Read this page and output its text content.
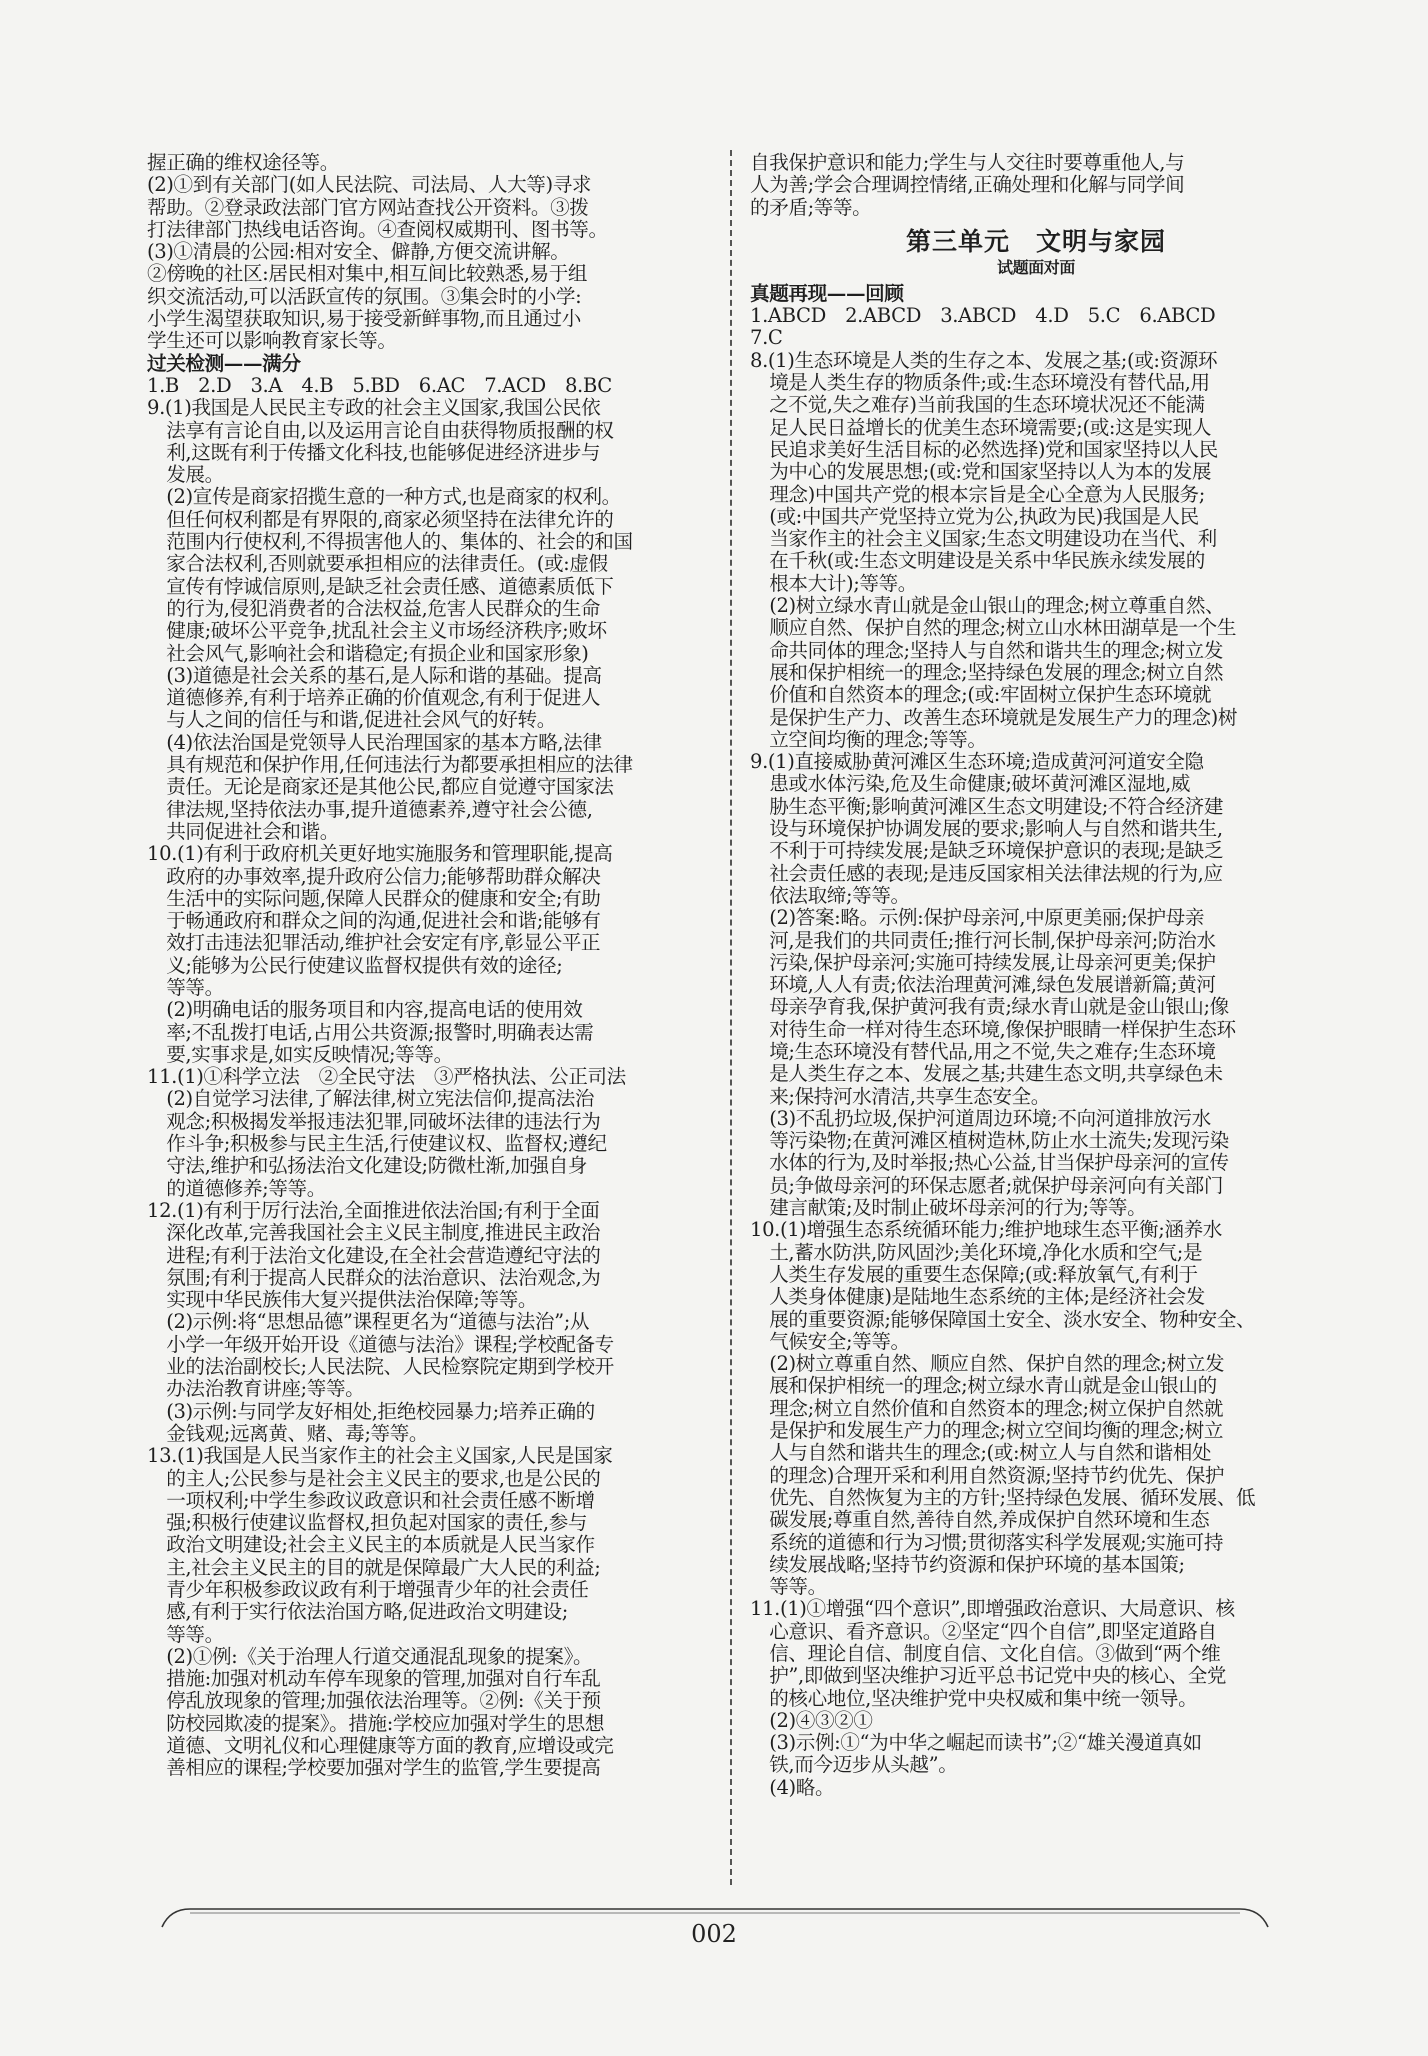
握正确的维权途径等。
(2)①到有关部门(如人民法院、司法局、人大等)寻求
帮助。②登录政法部门官方网站查找公开资料。③拨
打法律部门热线电话咨询。④查阅权威期刊、图书等。
(3)①清晨的公园:相对安全、僻静,方便交流讲解。
②傍晚的社区:居民相对集中,相互间比较熟悉,易于组
织交流活动,可以活跃宣传的氛围。③集会时的小学:
小学生渴望获取知识,易于接受新鲜事物,而且通过小
学生还可以影响教育家长等。
过关检测——满分
1.B　2.D　3.A　4.B　5.BD　6.AC　7.ACD　8.BC
9.(1)我国是人民民主专政的社会主义国家,我国公民依
　法享有言论自由,以及运用言论自由获得物质报酬的权
　利,这既有利于传播文化科技,也能够促进经济进步与
　发展。
　(2)宣传是商家招揽生意的一种方式,也是商家的权利。
　但任何权利都是有界限的,商家必须坚持在法律允许的
　范围内行使权利,不得损害他人的、集体的、社会的和国
　家合法权利,否则就要承担相应的法律责任。(或:虚假
　宣传有悖诚信原则,是缺乏社会责任感、道德素质低下
　的行为,侵犯消费者的合法权益,危害人民群众的生命
　健康;破坏公平竞争,扰乱社会主义市场经济秩序;败坏
　社会风气,影响社会和谐稳定;有损企业和国家形象)
　(3)道德是社会关系的基石,是人际和谐的基础。提高
　道德修养,有利于培养正确的价值观念,有利于促进人
　与人之间的信任与和谐,促进社会风气的好转。
　(4)依法治国是党领导人民治理国家的基本方略,法律
　具有规范和保护作用,任何违法行为都要承担相应的法律
　责任。无论是商家还是其他公民,都应自觉遵守国家法
　律法规,坚持依法办事,提升道德素养,遵守社会公德,
　共同促进社会和谐。
10.(1)有利于政府机关更好地实施服务和管理职能,提高
　政府的办事效率,提升政府公信力;能够帮助群众解决
　生活中的实际问题,保障人民群众的健康和安全;有助
　于畅通政府和群众之间的沟通,促进社会和谐;能够有
　效打击违法犯罪活动,维护社会安定有序,彰显公平正
　义;能够为公民行使建议监督权提供有效的途径;
　等等。
　(2)明确电话的服务项目和内容,提高电话的使用效
　率;不乱拨打电话,占用公共资源;报警时,明确表达需
　要,实事求是,如实反映情况;等等。
11.(1)①科学立法　②全民守法　③严格执法、公正司法
　(2)自觉学习法律,了解法律,树立宪法信仰,提高法治
　观念;积极揭发举报违法犯罪,同破坏法律的违法行为
　作斗争;积极参与民主生活,行使建议权、监督权;遵纪
　守法,维护和弘扬法治文化建设;防微杜渐,加强自身
　的道德修养;等等。
12.(1)有利于厉行法治,全面推进依法治国;有利于全面
　深化改革,完善我国社会主义民主制度,推进民主政治
　进程;有利于法治文化建设,在全社会营造遵纪守法的
　氛围;有利于提高人民群众的法治意识、法治观念,为
　实现中华民族伟大复兴提供法治保障;等等。
　(2)示例:将“思想品德”课程更名为“道德与法治”;从
　小学一年级开始开设《道德与法治》课程;学校配备专
　业的法治副校长;人民法院、人民检察院定期到学校开
　办法治教育讲座;等等。
　(3)示例:与同学友好相处,拒绝校园暴力;培养正确的
　金钱观;远离黄、赌、毒;等等。
13.(1)我国是人民当家作主的社会主义国家,人民是国家
　的主人;公民参与是社会主义民主的要求,也是公民的
　一项权利;中学生参政议政意识和社会责任感不断增
　强;积极行使建议监督权,担负起对国家的责任,参与
　政治文明建设;社会主义民主的本质就是人民当家作
　主,社会主义民主的目的就是保障最广大人民的利益;
　青少年积极参政议政有利于增强青少年的社会责任
　感,有利于实行依法治国方略,促进政治文明建设;
　等等。
　(2)①例:《关于治理人行道交通混乱现象的提案》。
　措施:加强对机动车停车现象的管理,加强对自行车乱
　停乱放现象的管理;加强依法治理等。②例:《关于预
　防校园欺凌的提案》。措施:学校应加强对学生的思想
　道德、文明礼仪和心理健康等方面的教育,应增设或完
　善相应的课程;学校要加强对学生的监管,学生要提高
自我保护意识和能力;学生与人交往时要尊重他人,与
人为善;学会合理调控情绪,正确处理和化解与同学间
的矛盾;等等。
第三单元　文明与家园
试题面对面
真题再现——回顾
1.ABCD　2.ABCD　3.ABCD　4.D　5.C　6.ABCD
7.C
8.(1)生态环境是人类的生存之本、发展之基;(或:资源环
　境是人类生存的物质条件;或:生态环境没有替代品,用
　之不觉,失之难存)当前我国的生态环境状况还不能满
　足人民日益增长的优美生态环境需要;(或:这是实现人
　民追求美好生活目标的必然选择)党和国家坚持以人民
　为中心的发展思想;(或:党和国家坚持以人为本的发展
　理念)中国共产党的根本宗旨是全心全意为人民服务;
　(或:中国共产党坚持立党为公,执政为民)我国是人民
　当家作主的社会主义国家;生态文明建设功在当代、利
　在千秋(或:生态文明建设是关系中华民族永续发展的
　根本大计);等等。
　(2)树立绿水青山就是金山银山的理念;树立尊重自然、
　顺应自然、保护自然的理念;树立山水林田湖草是一个生
　命共同体的理念;坚持人与自然和谐共生的理念;树立发
　展和保护相统一的理念;坚持绿色发展的理念;树立自然
　价值和自然资本的理念;(或:牢固树立保护生态环境就
　是保护生产力、改善生态环境就是发展生产力的理念)树
　立空间均衡的理念;等等。
9.(1)直接威胁黄河滩区生态环境;造成黄河河道安全隐
　患或水体污染,危及生命健康;破坏黄河滩区湿地,威
　胁生态平衡;影响黄河滩区生态文明建设;不符合经济建
　设与环境保护协调发展的要求;影响人与自然和谐共生,
　不利于可持续发展;是缺乏环境保护意识的表现;是缺乏
　社会责任感的表现;是违反国家相关法律法规的行为,应
　依法取缔;等等。
　(2)答案:略。示例:保护母亲河,中原更美丽;保护母亲
　河,是我们的共同责任;推行河长制,保护母亲河;防治水
　污染,保护母亲河;实施可持续发展,让母亲河更美;保护
　环境,人人有责;依法治理黄河滩,绿色发展谱新篇;黄河
　母亲孕育我,保护黄河我有责;绿水青山就是金山银山;像
　对待生命一样对待生态环境,像保护眼睛一样保护生态环
　境;生态环境没有替代品,用之不觉,失之难存;生态环境
　是人类生存之本、发展之基;共建生态文明,共享绿色未
　来;保持河水清洁,共享生态安全。
　(3)不乱扔垃圾,保护河道周边环境;不向河道排放污水
　等污染物;在黄河滩区植树造林,防止水土流失;发现污染
　水体的行为,及时举报;热心公益,甘当保护母亲河的宣传
　员;争做母亲河的环保志愿者;就保护母亲河向有关部门
　建言献策;及时制止破坏母亲河的行为;等等。
10.(1)增强生态系统循环能力;维护地球生态平衡;涵养水
　土,蓄水防洪,防风固沙;美化环境,净化水质和空气;是
　人类生存发展的重要生态保障;(或:释放氧气,有利于
　人类身体健康)是陆地生态系统的主体;是经济社会发
　展的重要资源;能够保障国土安全、淡水安全、物种安全、
　气候安全;等等。
　(2)树立尊重自然、顺应自然、保护自然的理念;树立发
　展和保护相统一的理念;树立绿水青山就是金山银山的
　理念;树立自然价值和自然资本的理念;树立保护自然就
　是保护和发展生产力的理念;树立空间均衡的理念;树立
　人与自然和谐共生的理念;(或:树立人与自然和谐相处
　的理念)合理开采和利用自然资源;坚持节约优先、保护
　优先、自然恢复为主的方针;坚持绿色发展、循环发展、低
　碳发展;尊重自然,善待自然,养成保护自然环境和生态
　系统的道德和行为习惯;贯彻落实科学发展观;实施可持
　续发展战略;坚持节约资源和保护环境的基本国策;
　等等。
11.(1)①增强“四个意识”,即增强政治意识、大局意识、核
　心意识、看齐意识。②坚定“四个自信”,即坚定道路自
　信、理论自信、制度自信、文化自信。③做到“两个维
　护”,即做到坚决维护习近平总书记党中央的核心、全党
　的核心地位,坚决维护党中央权威和集中统一领导。
　(2)④③②①
　(3)示例:①“为中华之崛起而读书”;②“雄关漫道真如
　铁,而今迈步从头越”。
　(4)略。
002
